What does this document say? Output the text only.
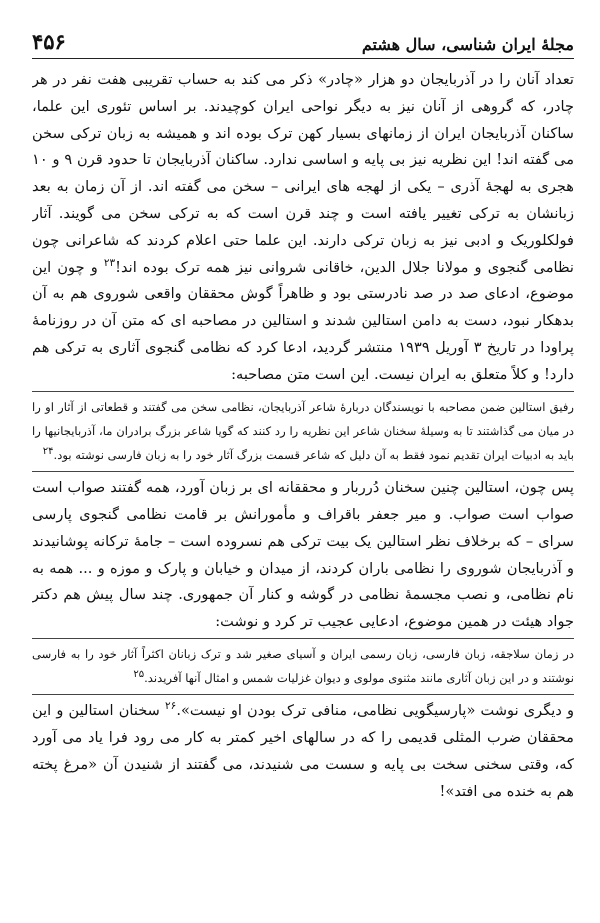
مجلهٔ ایران شناسی، سال هشتم
۴۵۶

تعداد آنان را در آذربایجان دو هزار «چادر» ذکر می کند به حساب تقریبی هفت نفر در هر چادر، که گروهی از آنان نیز به دیگر نواحی ایران کوچیدند. بر اساس تئوری این علما، ساکنان آذربایجان ایران از زمانهای بسیار کهن ترک بوده اند و همیشه به زبان ترکی سخن می گفته اند! این نظریه نیز بی پایه و اساسی ندارد. ساکنان آذربایجان تا حدود قرن ۹ و ۱۰ هجری به لهجهٔ آذری – یکی از لهجه های ایرانی – سخن می گفته اند. از آن زمان به بعد زبانشان به ترکی تغییر یافته است و چند قرن است که به ترکی سخن می گویند. آثار فولکلوریک و ادبی نیز به زبان ترکی دارند. این علما حتی اعلام کردند که شاعرانی چون نظامی گنجوی و مولانا جلال الدین، خاقانی شروانی نیز همه ترک بوده اند!$^{۲۳}$ و چون این موضوع، ادعای صد در صد نادرستی بود و ظاهراً گوش محققان واقعی شوروی هم به آن بدهکار نبود، دست به دامن استالین شدند و استالین در مصاحبه ای که متن آن در روزنامهٔ پراودا در تاریخ ۳ آوریل ۱۹۳۹ منتشر گردید، ادعا کرد که نظامی گنجوی آثاری به ترکی هم دارد! و کلاً متعلق به ایران نیست. این است متن مصاحبه:

رفیق استالین ضمن مصاحبه با نویسندگان دربارهٔ شاعر آذربایجان، نظامی سخن می گفتند و قطعاتی از آثار او را در میان می گذاشتند تا به وسیلهٔ سخنان شاعر این نظریه را رد کنند که گویا شاعر بزرگ برادران ما، آذربایجانیها را باید به ادبیات ایران تقدیم نمود فقط به آن دلیل که شاعر قسمت بزرگ آثار خود را به زبان فارسی نوشته بود.۲۴

پس چون، استالین چنین سخنان دُرربار و محققانه ای بر زبان آورد، همه گفتند صواب است صواب است صواب. و میر جعفر باقراف و مأمورانش بر قامت نظامی گنجوی پارسی سرای – که برخلاف نظر استالین یک بیت ترکی هم نسروده است – جامهٔ ترکانه پوشانیدند و آذربایجان شوروی را نظامی باران کردند، از میدان و خیابان و پارک و موزه و ... همه به نام نظامی، و نصب مجسمهٔ نظامی در گوشه و کنار آن جمهوری. چند سال پیش هم دکتر جواد هیئت در همین موضوع، ادعایی عجیب تر کرد و نوشت:

در زمان سلاجقه، زبان فارسی، زبان رسمی ایران و آسیای صغیر شد و ترک زبانان اکثراً آثار خود را به فارسی نوشتند و در این زبان آثاری مانند مثنوی مولوی و دیوان غزلیات شمس و امثال آنها آفریدند.۲۵

و دیگری نوشت «پارسیگویی نظامی، منافی ترک بودن او نیست».$^{۲۶}$ سخنان استالین و این محققان ضرب المثلی قدیمی را که در سالهای اخیر کمتر به کار می رود فرا یاد می آورد که، وقتی سخنی سخت بی پایه و سست می شنیدند، می گفتند از شنیدن آن «مرغ پخته هم به خنده می افتد»!
